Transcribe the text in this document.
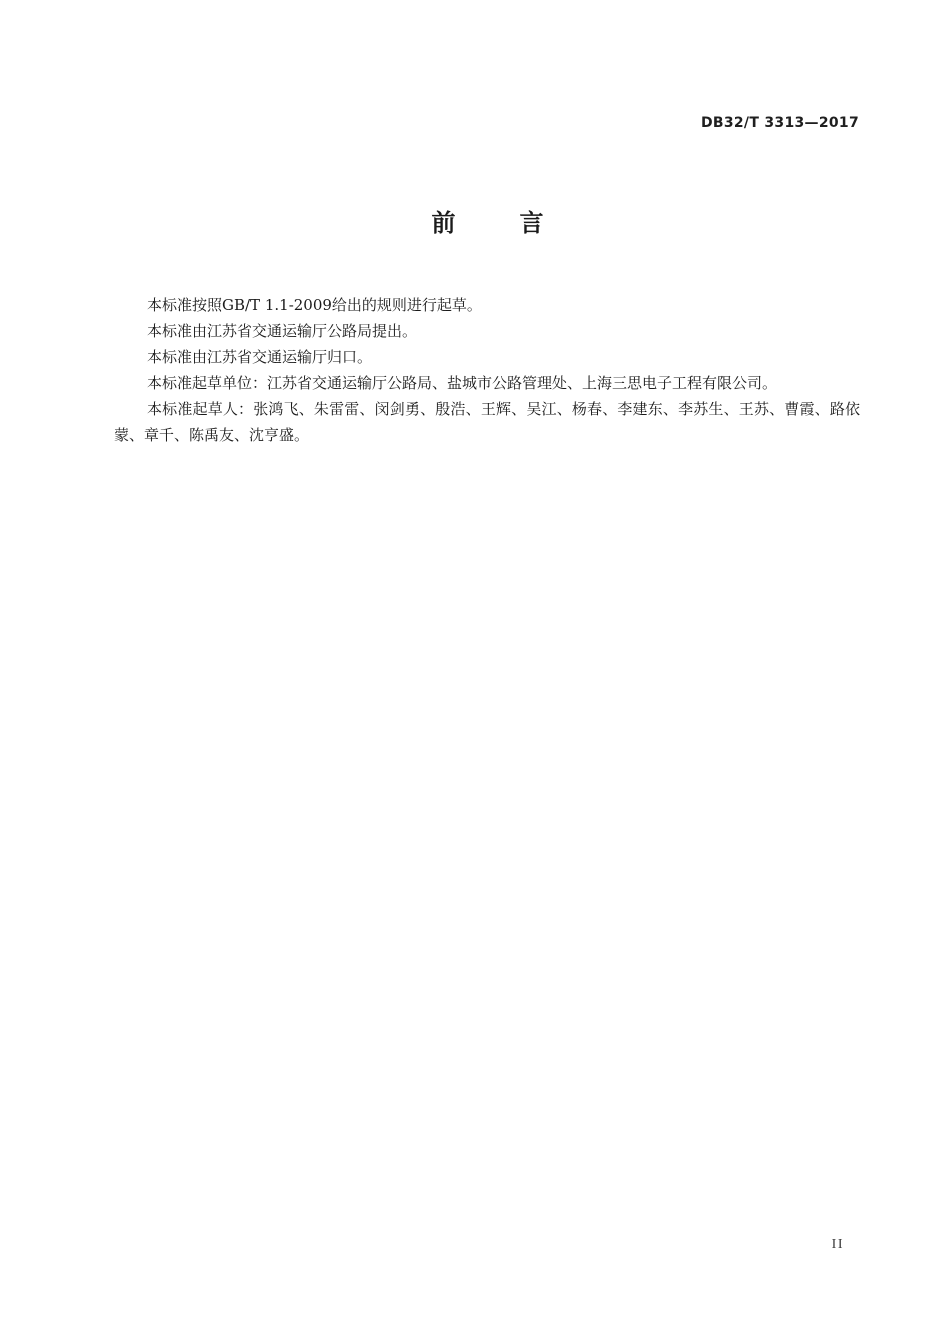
DB32/T 3313—2017
前	言

本标准按照GB/T 1.1-2009给出的规则进行起草。

本标准由江苏省交通运输厅公路局提出。

本标准由江苏省交通运输厅归口。

本标准起草单位：江苏省交通运输厅公路局、盐城市公路管理处、上海三思电子工程有限公司。

本标准起草人：张鸿飞、朱雷雷、闵剑勇、殷浩、王辉、吴江、杨春、李建东、李苏生、王苏、曹霞、路依蒙、章千、陈禹友、沈亨盛。

II
